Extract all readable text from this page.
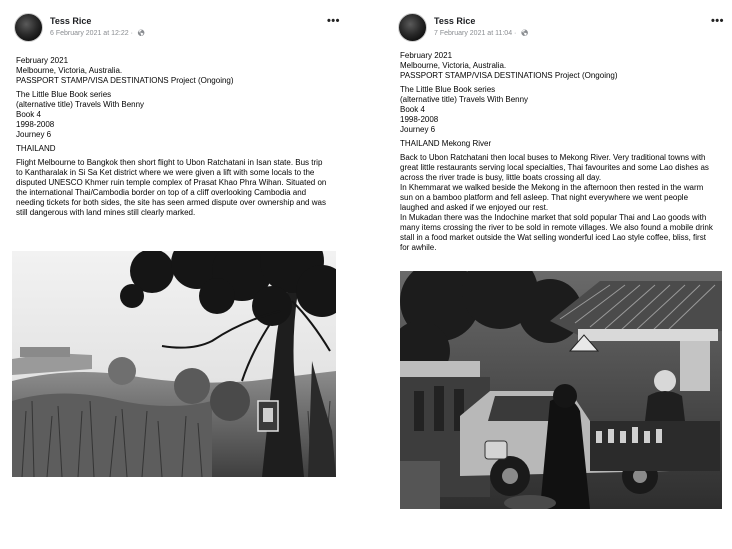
Tess Rice
6 February 2021 at 12:22 · 🌎︎
•••

February 2021
Melbourne, Victoria, Australia.
PASSPORT STAMP/VISA DESTINATIONS Project (Ongoing)

The Little Blue Book series
(alternative title) Travels With Benny
Book 4
1998-2008
Journey 6

THAILAND

Flight Melbourne to Bangkok then short flight to Ubon Ratchatani in Isan state. Bus trip
to Kantharalak in Si Sa Ket district where we were given a lift with some locals to the
disputed UNESCO Khmer ruin temple complex of Prasat Khao Phra Wihan. Situated on
the international Thai/Cambodia border on top of a cliff overlooking Cambodia and
needing tickets for both sides, the site has seen armed dispute over ownership and was
still dangerous with land mines still clearly marked.

Tess Rice
7 February 2021 at 11:04 · 🌎︎
•••

February 2021
Melbourne, Victoria, Australia.
PASSPORT STAMP/VISA DESTINATIONS Project (Ongoing)

The Little Blue Book series
(alternative title) Travels With Benny
Book 4
1998-2008
Journey 6

THAILAND Mekong River

Back to Ubon Ratchatani then local buses to Mekong River. Very traditional towns with
great little restaurants serving local specialties, Thai favourites and some Lao dishes as
across the river trade is busy, little boats crossing all day.
In Khemmarat we walked beside the Mekong in the afternoon then rested in the warm
sun on a bamboo platform and fell asleep. That night everywhere we went people
laughed and asked if we enjoyed our rest.
In Mukadan there was the Indochine market that sold popular Thai and Lao goods with
many items crossing the river to be sold in remote villages. We also found a mobile drink
stall in a food market outside the Wat selling wonderful iced Lao style coffee, bliss, first
for awhile.
